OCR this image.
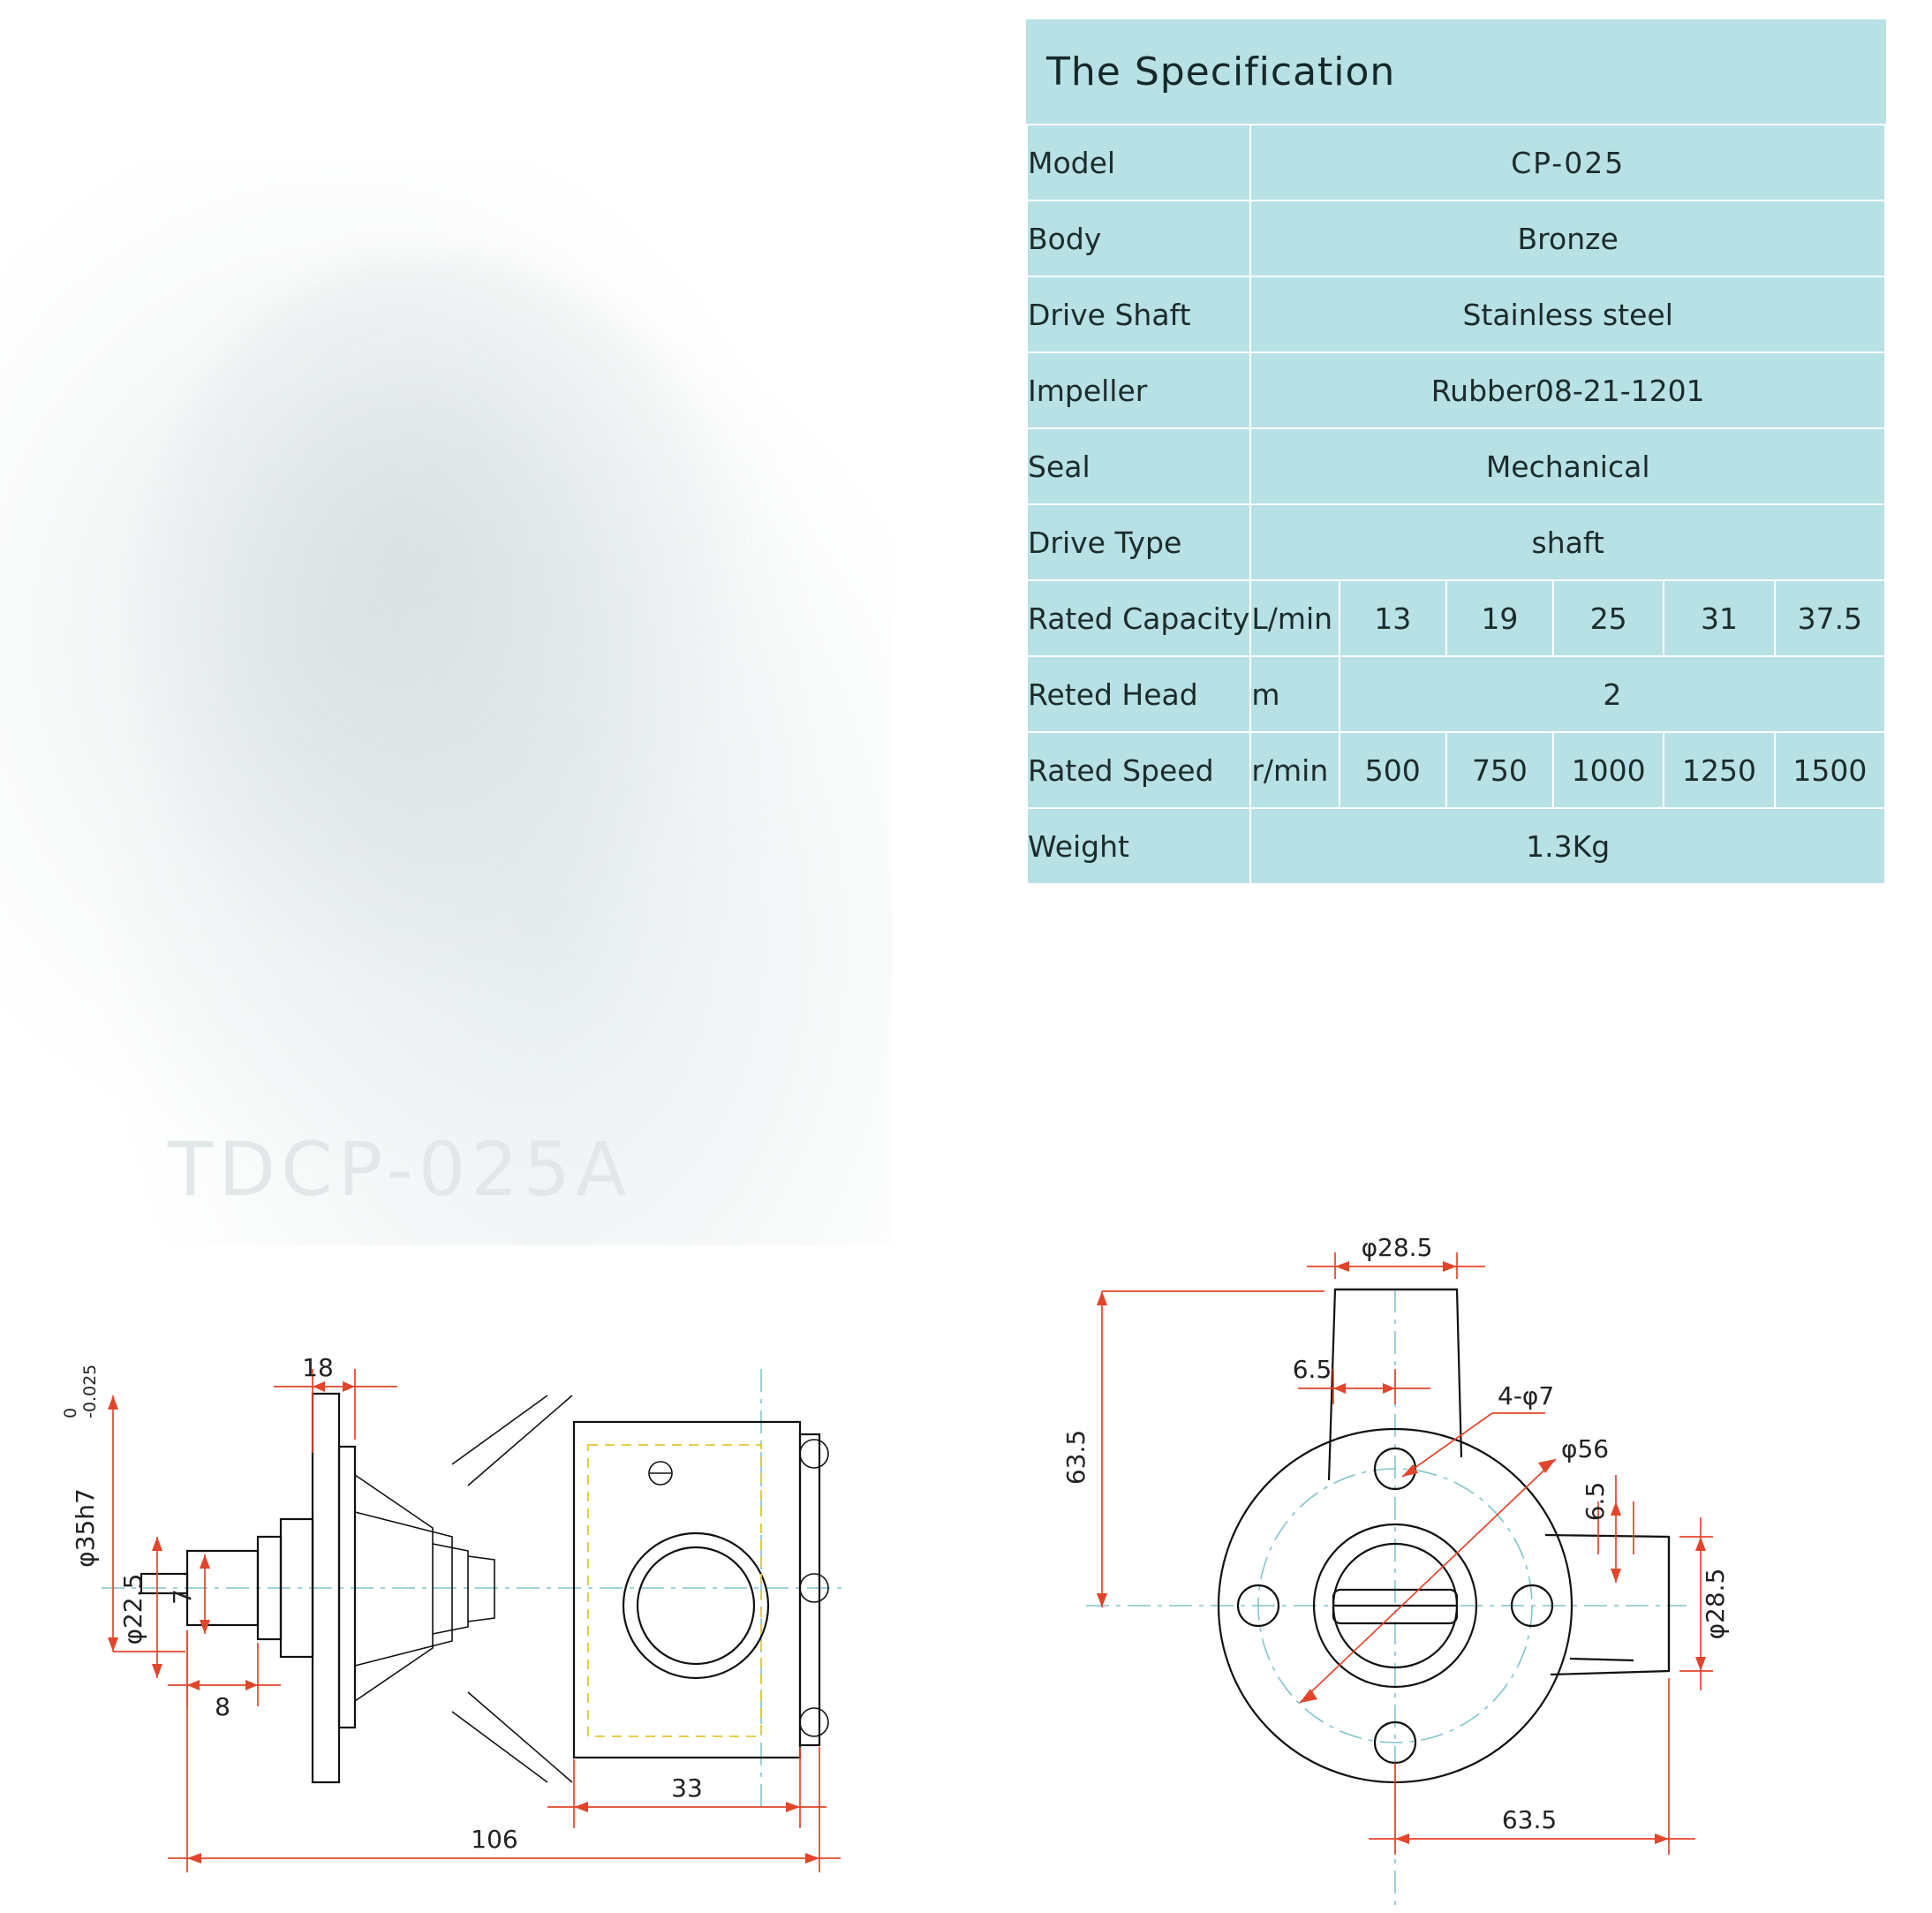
The Specification						
Model	CP-025					
Body	Bronze					
Drive Shaft	Stainless steel					
Impeller	Rubber08-21-1201					
Seal	Mechanical					
Drive Type	shaft					
Rated Capacity	L/min	13	19	25	31	37.5
Reted Head	m	2				
Rated Speed	r/min	500	750	1000	1250	1500
Weight	1.3Kg					
TDCP-025A
18
φ35h7
0 -0.025
φ22.5 7
8
33
106
φ28.5
63.5
6.5
4-φ7
φ56
6.5
φ28.5
63.5
